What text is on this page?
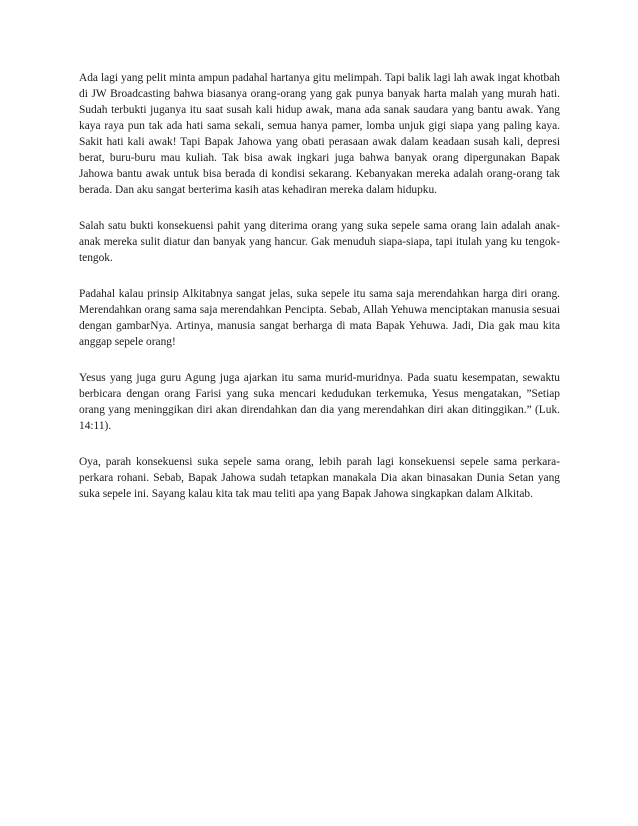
Ada lagi yang pelit minta ampun padahal hartanya gitu melimpah. Tapi balik lagi lah awak ingat khotbah di JW Broadcasting bahwa biasanya orang-orang yang gak punya banyak harta malah yang murah hati. Sudah terbukti juganya itu saat susah kali hidup awak, mana ada sanak saudara yang bantu awak. Yang kaya raya pun tak ada hati sama sekali, semua hanya pamer, lomba unjuk gigi siapa yang paling kaya. Sakit hati kali awak! Tapi Bapak Jahowa yang obati perasaan awak dalam keadaan susah kali, depresi berat, buru-buru mau kuliah. Tak bisa awak ingkari juga bahwa banyak orang dipergunakan Bapak Jahowa bantu awak untuk bisa berada di kondisi sekarang. Kebanyakan mereka adalah orang-orang tak berada. Dan aku sangat berterima kasih atas kehadiran mereka dalam hidupku.

Salah satu bukti konsekuensi pahit yang diterima orang yang suka sepele sama orang lain adalah anak-anak mereka sulit diatur dan banyak yang hancur. Gak menuduh siapa-siapa, tapi itulah yang ku tengok-tengok.

Padahal kalau prinsip Alkitabnya sangat jelas, suka sepele itu sama saja merendahkan harga diri orang. Merendahkan orang sama saja merendahkan Pencipta. Sebab, Allah Yehuwa menciptakan manusia sesuai dengan gambarNya. Artinya, manusia sangat berharga di mata Bapak Yehuwa. Jadi, Dia gak mau kita anggap sepele orang!

Yesus yang juga guru Agung juga ajarkan itu sama murid-muridnya. Pada suatu kesempatan, sewaktu berbicara dengan orang Farisi yang suka mencari kedudukan terkemuka, Yesus mengatakan, ”Setiap orang yang meninggikan diri akan direndahkan dan dia yang merendahkan diri akan ditinggikan.” (Luk. 14:11).

Oya, parah konsekuensi suka sepele sama orang, lebih parah lagi konsekuensi sepele sama perkara-perkara rohani. Sebab, Bapak Jahowa sudah tetapkan manakala Dia akan binasakan Dunia Setan yang suka sepele ini. Sayang kalau kita tak mau teliti apa yang Bapak Jahowa singkapkan dalam Alkitab.
